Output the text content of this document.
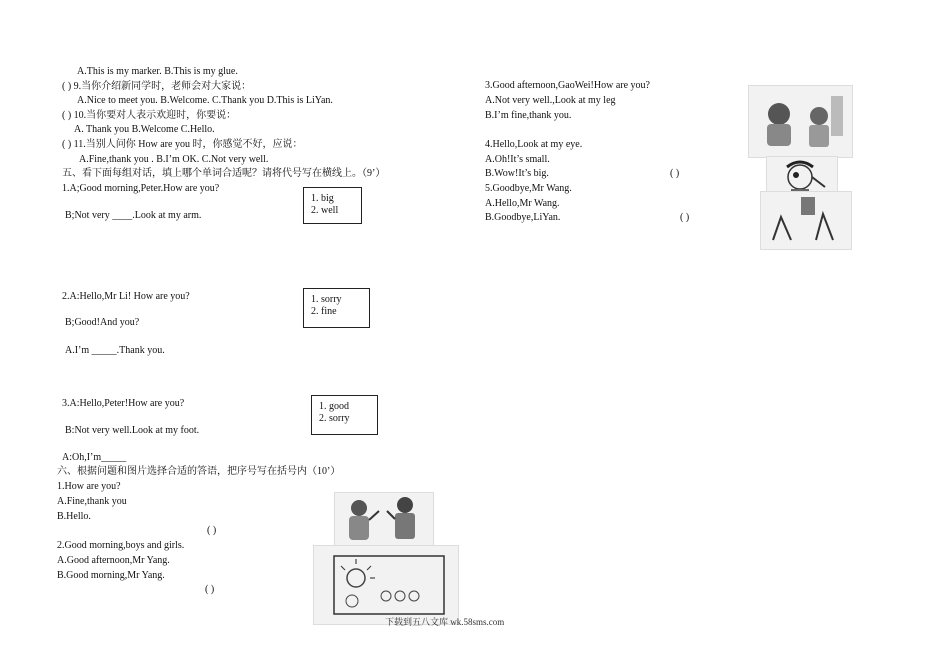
A.This is my marker. B.This is my glue.
( ) 9.当你介绍新同学时，老师会对大家说：
A.Nice to meet you. B.Welcome. C.Thank you D.This is LiYan.
( ) 10.当你要对人表示欢迎时，你要说：
A. Thank you B.Welcome C.Hello.
( ) 11.当别人问你 How are you 时，你感觉不好，应说：
A.Fine,thank you . B.I’m OK. C.Not very well.
五、看下面每组对话，填上哪个单词合适呢？请将代号写在横线上。（9’）
1.A;Good morning,Peter.How are you?
B;Not very ____.Look at my arm.
1. big
2. well
2.A:Hello,Mr Li! How are you?
B;Good!And you?
A.I’m _____.Thank you.
1. sorry
2. fine
3.A:Hello,Peter!How are you?
B:Not very well.Look at my foot.
A:Oh,I’m_____
1. good
2. sorry
六、根据问题和图片选择合适的答语，把序号写在括号内（10’）
1.How are you?
A.Fine,thank you
B.Hello.
( )
2.Good morning,boys and girls.
A.Good afternoon,Mr Yang.
B.Good morning,Mr Yang.
( )
3.Good afternoon,GaoWei!How are you?
A.Not very well.,Look at my leg
B.I’m fine,thank you.
4.Hello,Look at my eye.
A.Oh!It’s small.
B.Wow!It’s big.	( )
5.Goodbye,Mr Wang.
A.Hello,Mr Wang.
B.Goodbye,LiYan.	( )
下载到五八文库 wk.58sms.com
